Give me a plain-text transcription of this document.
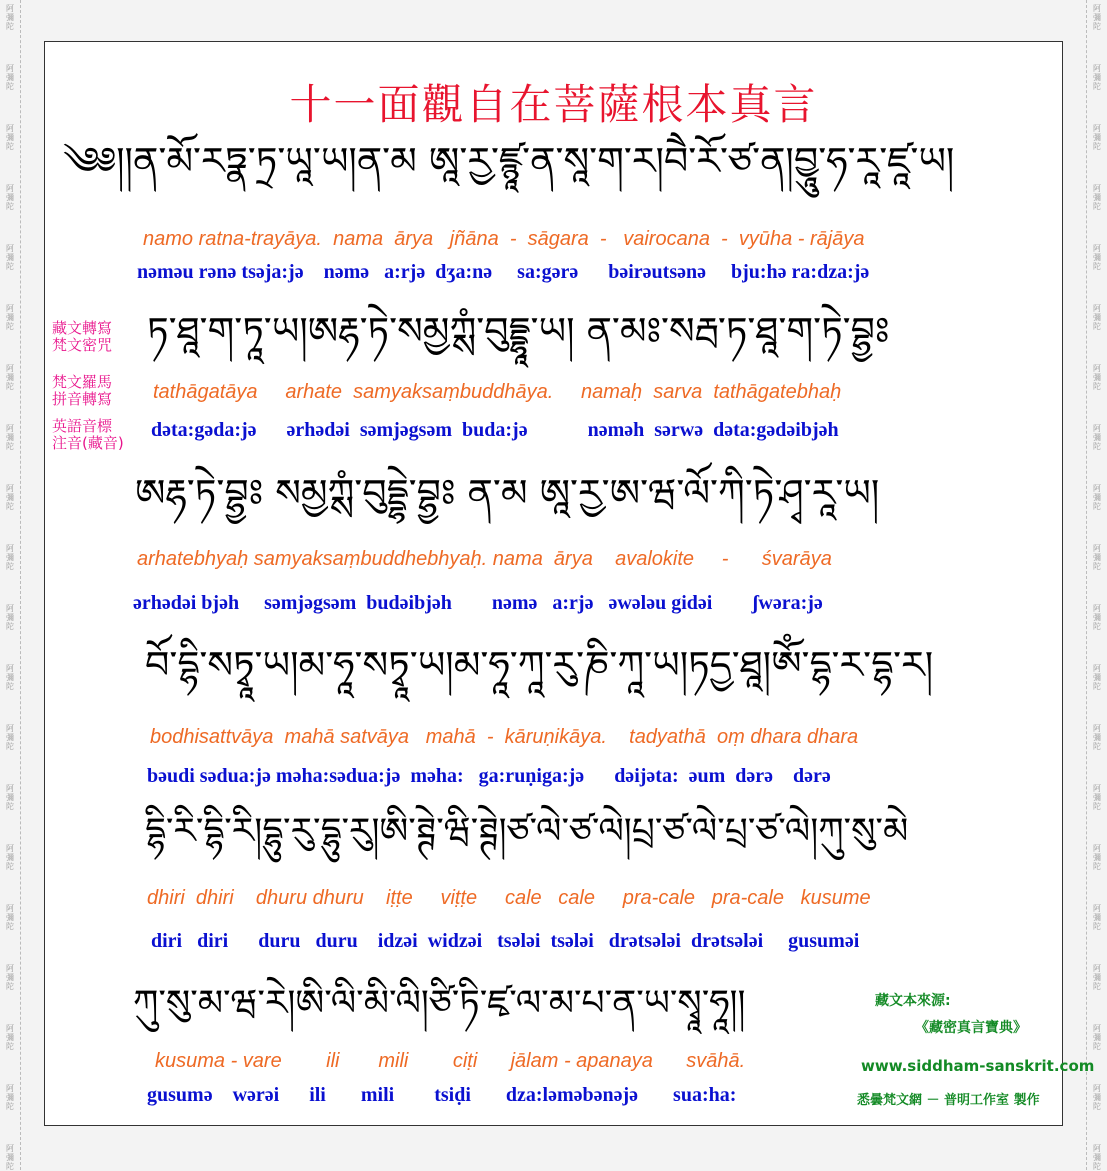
阿
彌
陀
阿
彌
陀
阿
彌
陀
阿
彌
陀
阿
彌
陀
阿
彌
陀
阿
彌
陀
阿
彌
陀
阿
彌
陀
阿
彌
陀
阿
彌
陀
阿
彌
陀
阿
彌
陀
阿
彌
陀
阿
彌
陀
阿
彌
陀
阿
彌
陀
阿
彌
陀
阿
彌
陀
阿
彌
陀
阿
彌
陀
阿
彌
陀
阿
彌
陀
阿
彌
陀
阿
彌
陀
阿
彌
陀
阿
彌
陀
阿
彌
陀
阿
彌
陀
阿
彌
陀
阿
彌
陀
阿
彌
陀
阿
彌
陀
阿
彌
陀
阿
彌
陀
阿
彌
陀
阿
彌
陀
阿
彌
陀
阿
彌
陀
阿
彌
陀
十一面觀自在菩薩根本真言
༄༅།།ན་མོ་རཏྣ་ཏྲ་ཡཱ་ཡ།ན་མ ཨཱ་རྱ་ཛྙཱ་ན་སཱ་ག་ར།བཻ་རོ་ཙ་ན།བྱཱུ་ཧ་རཱ་ཛཱ་ཡ།
namo ratna-trayāya.  nama  ārya   jñāna  -  sāgara  -   vairocana  -  vyūha - rājāya
nəməu rənə tsəja:jə    nəmə   a:rjə  dʒa:nə     sa:gərə      bəirəutsənə     bju:hə ra:dza:jə
藏文轉寫
梵文密咒
梵文羅馬
拼音轉寫
英語音標
注音(藏音)
ཏ་ཐཱ་ག་ཏཱ་ཡ།ཨརྷ་ཏེ་སམྱཀྶཾ་བུདྡྷཱ་ཡ། ན་མཿ་སརྦ་ཏ་ཐཱ་ག་ཏེ་བྷྱཿ
tathāgatāya     arhate  samyaksaṃbuddhāya.     namaḥ  sarva  tathāgatebhaḥ
dəta:gəda:jə      ərhədəi  səmjəgsəm  buda:jə            nəməh  sərwə  dəta:gədəibjəh
ཨརྷ་ཏེ་བྷྱཿ སམྱཀྶཾ་བུདྡྷེ་བྷྱཿ ན་མ ཨཱ་རྱ་ཨ་ཝ་ལོ་ཀི་ཏེ་ཤྭ་རཱ་ཡ།
arhatebhyaḥ samyaksaṃbuddhebhyaḥ. nama  ārya    avalokite     -      śvarāya
ərhədəi bjəh     səmjəgsəm  budəibjəh        nəmə   a:rjə   əwələu gidəi        ʃwəra:jə
བོ་དྷི་སཏྭཱ་ཡ།མ་ཧཱ་སཏྭཱ་ཡ།མ་ཧཱ་ཀཱ་རུ་ཎི་ཀཱ་ཡ།ཏདྱ་ཐཱ།ཨོཾ་དྷ་ར་དྷ་ར།
bodhisattvāya  mahā satvāya   mahā  -  kāruṇikāya.    tadyathā  oṃ dhara dhara
bəudi sədua:jə məha:sədua:jə  məha:   ga:ruṇiga:jə      dəijəta:  əum  dərə    dərə
དྷི་རི་དྷི་རི།དྷུ་རུ་དྷུ་རུ།ཨི་ཊྚེ་ཝི་ཊྚེ།ཙ་ལེ་ཙ་ལེ།པྲ་ཙ་ལེ་པྲ་ཙ་ལེ།ཀུ་སུ་མེ
dhiri  dhiri    dhuru dhuru    iṭṭe     viṭṭe     cale   cale     pra-cale   pra-cale   kusume
diri   diri      duru   duru    idzəi  widzəi   tsələi  tsələi   drətsələi  drətsələi     gusuməi
ཀུ་སུ་མ་ཝ་རེ།ཨི་ལི་མི་ལི།ཙི་ཏི་ཛྭ་ལ་མ་པ་ན་ཡ་སྭཱ་ཧཱ།།
kusuma - vare        ili       mili        ciṭi      jālam - apanaya      svāhā.
gusumə    wərəi      ili       mili        tsiḍi       dza:ləməbənəjə       sua:ha:
藏文本來源:
《藏密真言寶典》
www.siddham-sanskrit.com
悉曇梵文網 － 普明工作室 製作
